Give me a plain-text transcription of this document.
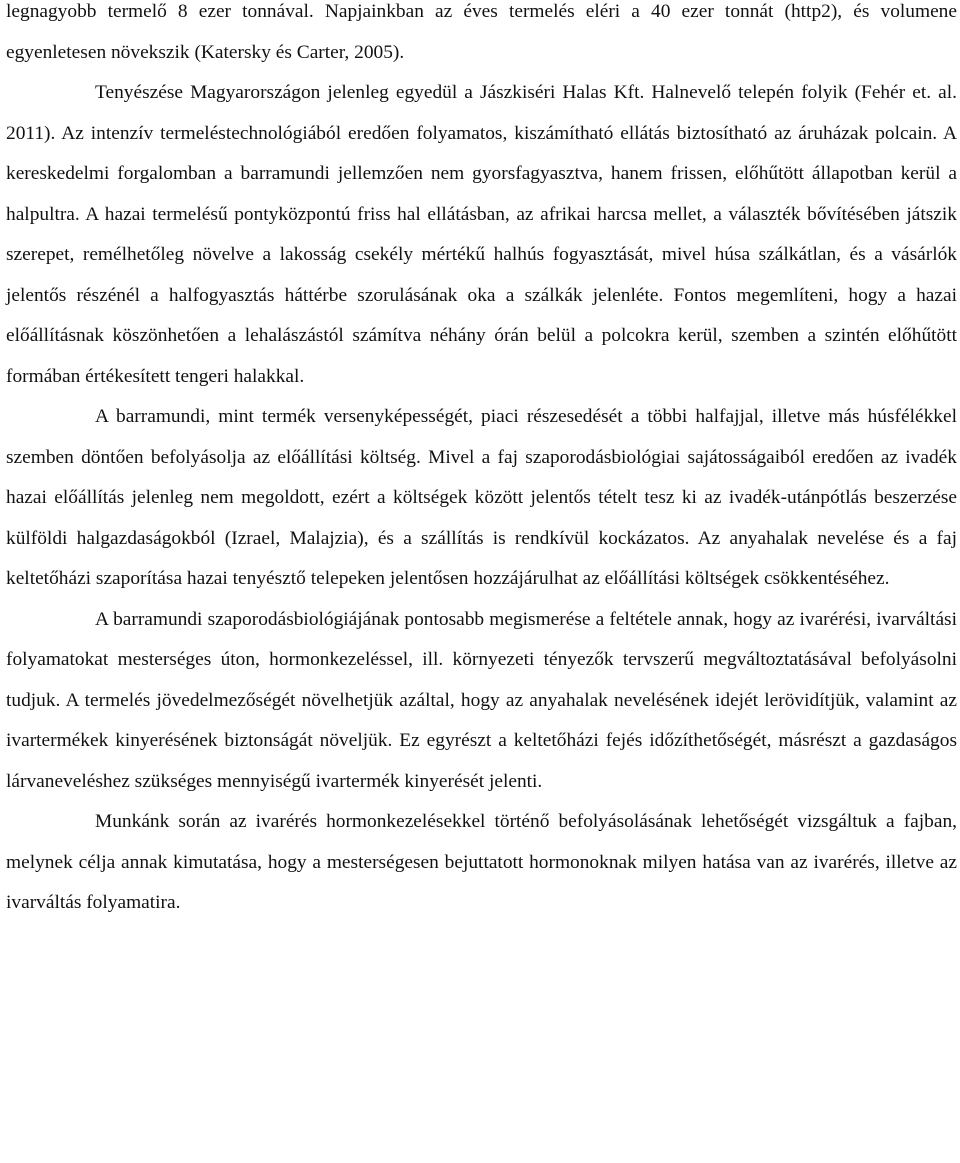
legnagyobb termelő 8 ezer tonnával. Napjainkban az éves termelés eléri a 40 ezer tonnát (http2), és volumene egyenletesen növekszik (Katersky és Carter, 2005).

Tenyészése Magyarországon jelenleg egyedül a Jászkiséri Halas Kft. Halnevelő telepén folyik (Fehér et. al. 2011). Az intenzív termeléstechnológiából eredően folyamatos, kiszámítható ellátás biztosítható az áruházak polcain. A kereskedelmi forgalomban a barramundi jellemzően nem gyorsfagyasztva, hanem frissen, előhűtött állapotban kerül a halpultra. A hazai termelésű pontyközpontú friss hal ellátásban, az afrikai harcsa mellet, a választék bővítésében játszik szerepet, remélhetőleg növelve a lakosság csekély mértékű halhús fogyasztását, mivel húsa szálkátlan, és a vásárlók jelentős részénél a halfogyasztás háttérbe szorulásának oka a szálkák jelenléte. Fontos megemlíteni, hogy a hazai előállításnak köszönhetően a lehalászástól számítva néhány órán belül a polcokra kerül, szemben a szintén előhűtött formában értékesített tengeri halakkal.

A barramundi, mint termék versenyképességét, piaci részesedését a többi halfajjal, illetve más húsfélékkel szemben döntően befolyásolja az előállítási költség. Mivel a faj szaporodásbiológiai sajátosságaiból eredően az ivadék hazai előállítás jelenleg nem megoldott, ezért a költségek között jelentős tételt tesz ki az ivadék-utánpótlás beszerzése külföldi halgazdaságokból (Izrael, Malajzia), és a szállítás is rendkívül kockázatos. Az anyahalak nevelése és a faj keltetőházi szaporítása hazai tenyésztő telepeken jelentősen hozzájárulhat az előállítási költségek csökkentéséhez.

A barramundi szaporodásbiológiájának pontosabb megismerése a feltétele annak, hogy az ivarérési, ivarváltási folyamatokat mesterséges úton, hormonkezeléssel, ill. környezeti tényezők tervszerű megváltoztatásával befolyásolni tudjuk. A termelés jövedelmezőségét növelhetjük azáltal, hogy az anyahalak nevelésének idejét lerövidítjük, valamint az ivartermékek kinyerésének biztonságát növeljük. Ez egyrészt a keltetőházi fejés időzíthetőségét, másrészt a gazdaságos lárvaneveléshez szükséges mennyiségű ivartermék kinyerését jelenti.

Munkánk során az ivarérés hormonkezelésekkel történő befolyásolásának lehetőségét vizsgáltuk a fajban, melynek célja annak kimutatása, hogy a mesterségesen bejuttatott hormonoknak milyen hatása van az ivarérés, illetve az ivarváltás folyamatira.
